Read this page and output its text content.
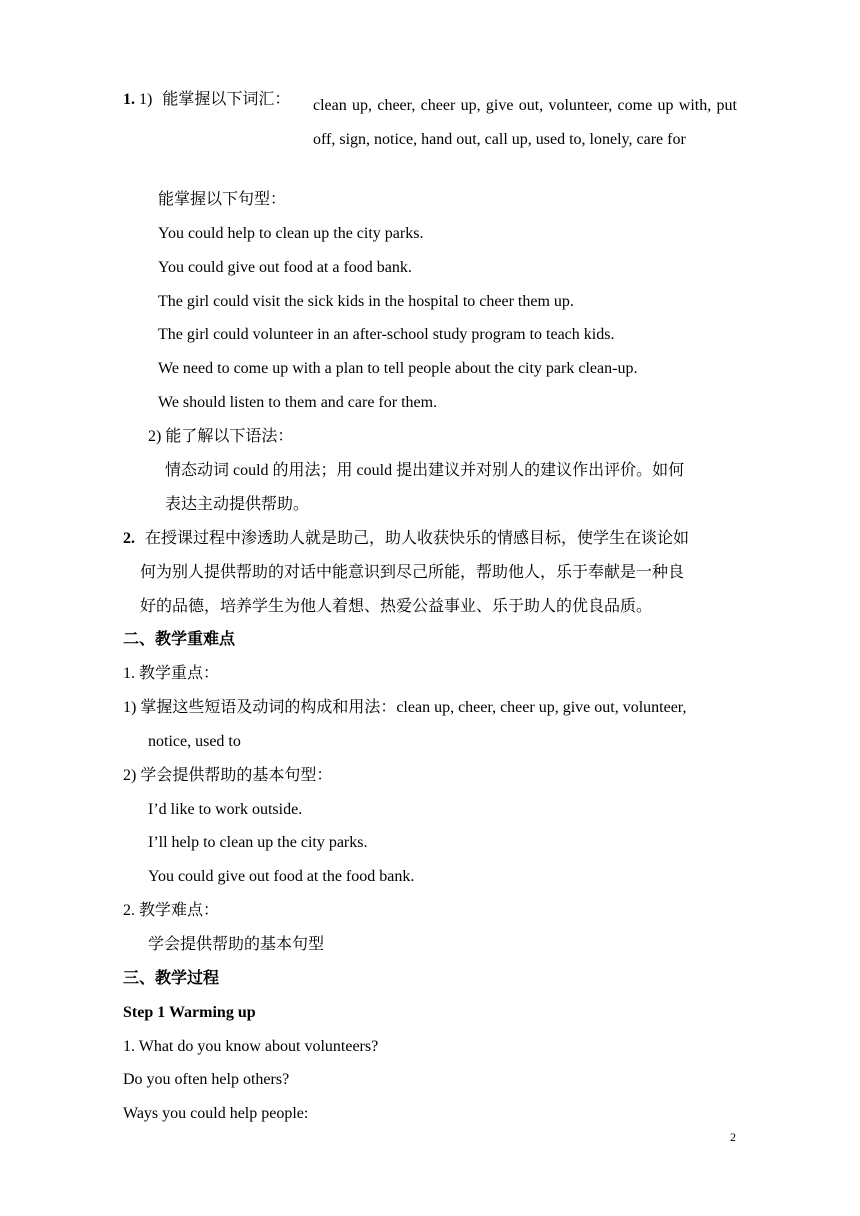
1. 1) 能掌握以下词汇： clean up, cheer, cheer up, give out, volunteer, come up with, put off, sign, notice, hand out, call up, used to, lonely, care for
能掌握以下句型：
You could help to clean up the city parks.
You could give out food at a food bank.
The girl could visit the sick kids in the hospital to cheer them up.
The girl could volunteer in an after-school study program to teach kids.
We need to come up with a plan to tell people about the city park clean-up.
We should listen to them and care for them.
2) 能了解以下语法：
情态动词 could 的用法；用 could 提出建议并对别人的建议作出评价。如何
表达主动提供帮助。
2. 在授课过程中渗透助人就是助己，助人收获快乐的情感目标，使学生在谈论如
何为别人提供帮助的对话中能意识到尽己所能，帮助他人，乐于奉献是一种良
好的品德，培养学生为他人着想、热爱公益事业、乐于助人的优良品质。
二、教学重难点
1. 教学重点：
1) 掌握这些短语及动词的构成和用法：clean up, cheer, cheer up, give out, volunteer,
notice, used to
2) 学会提供帮助的基本句型：
I’d like to work outside.
I’ll help to clean up the city parks.
You could give out food at the food bank.
2. 教学难点：
学会提供帮助的基本句型
三、教学过程
Step 1 Warming up
1. What do you know about volunteers?
Do you often help others?
Ways you could help people:
2
